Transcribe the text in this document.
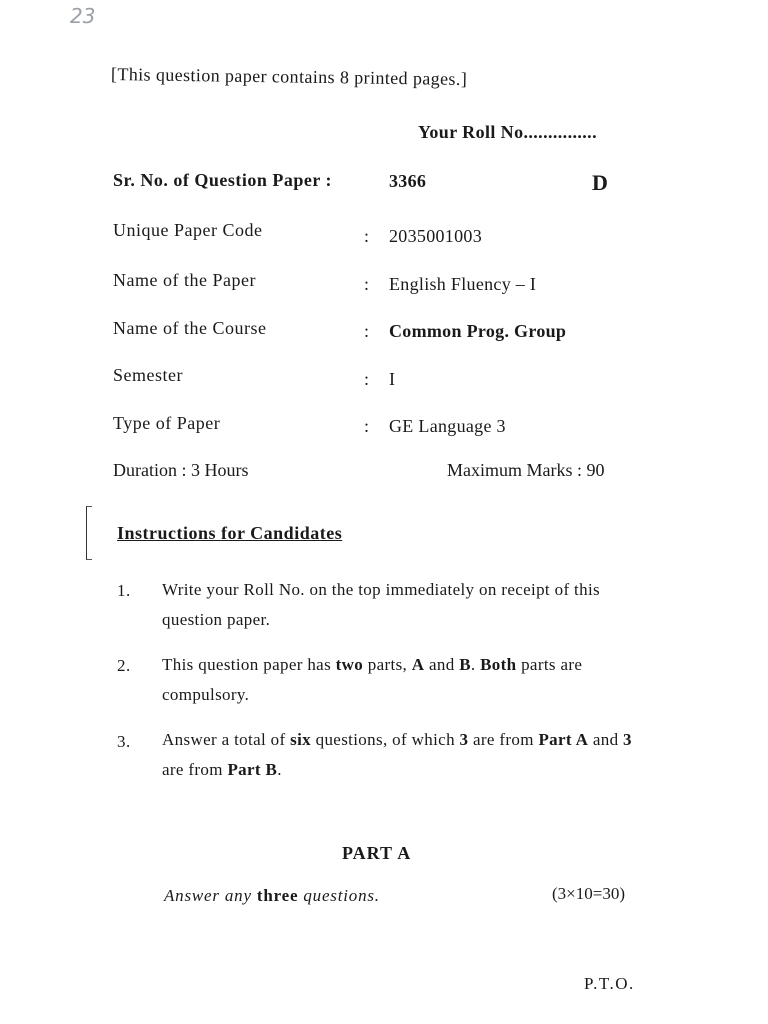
23
[This question paper contains 8 printed pages.]
Your Roll No...............
Sr. No. of Question Paper :	3366	D
Unique Paper Code	: 2035001003
Name of the Paper	: English Fluency – I
Name of the Course	: Common Prog. Group
Semester	: I
Type of Paper	: GE Language 3
Duration : 3 Hours	Maximum Marks : 90
Instructions for Candidates
1. Write your Roll No. on the top immediately on receipt of this question paper.
2. This question paper has two parts, A and B. Both parts are compulsory.
3. Answer a total of six questions, of which 3 are from Part A and 3 are from Part B.
PART A
Answer any three questions.	(3×10=30)
P.T.O.
